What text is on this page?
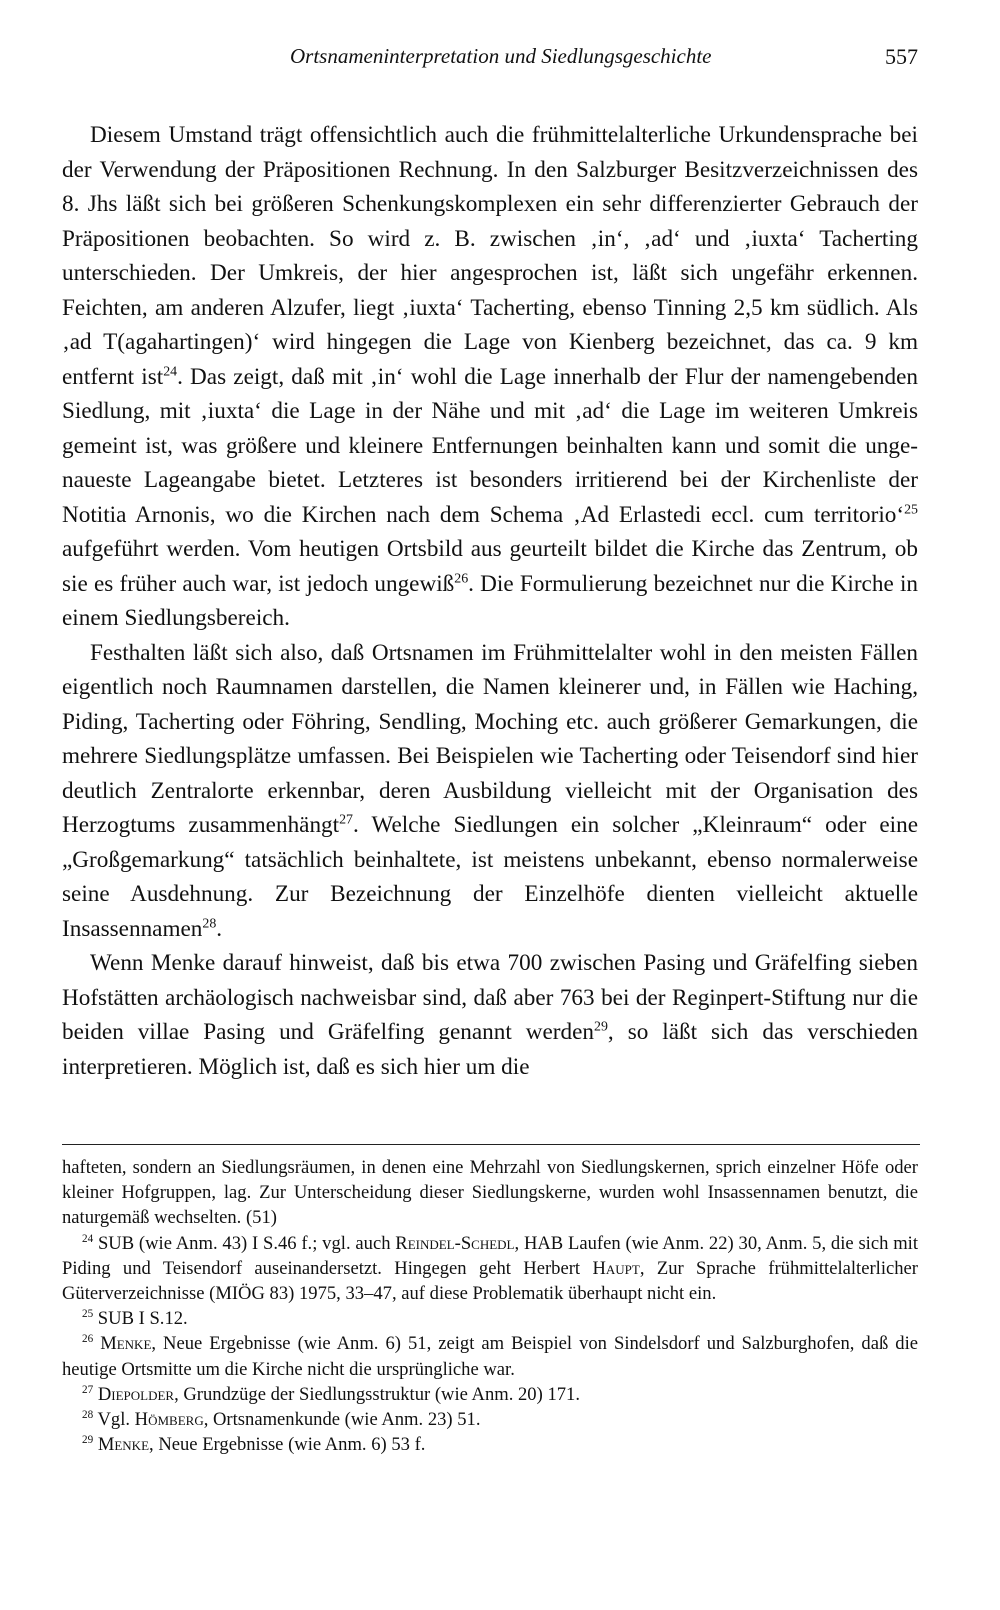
Ortsnameninterpretation und Siedlungsgeschichte	557

Diesem Umstand trägt offensichtlich auch die frühmittelalterliche Urkundensprache bei der Verwendung der Präpositionen Rechnung. In den Salzburger Besitzverzeichnissen des 8. Jhs läßt sich bei größeren Schenkungskomplexen ein sehr differenzierter Gebrauch der Präpositionen beobachten. So wird z. B. zwischen ‚in‘, ‚ad‘ und ‚iuxta‘ Tacherting unterschieden. Der Umkreis, der hier angesprochen ist, läßt sich ungefähr erkennen. Feichten, am anderen Alzufer, liegt ‚iuxta‘ Tacherting, ebenso Tinning 2,5 km südlich. Als ‚ad T(agahartingen)‘ wird hingegen die Lage von Kienberg bezeichnet, das ca. 9 km entfernt ist$^{24}$. Das zeigt, daß mit ‚in‘ wohl die Lage innerhalb der Flur der namengebenden Siedlung, mit ‚iuxta‘ die Lage in der Nähe und mit ‚ad‘ die Lage im weiteren Umkreis gemeint ist, was größere und kleinere Entfernungen beinhalten kann und somit die ungenaueste Lageangabe bietet. Letzteres ist besonders irritierend bei der Kirchenliste der Notitia Arnonis, wo die Kirchen nach dem Schema ‚Ad Erlastedi eccl. cum territorio‘$^{25}$ aufgeführt werden. Vom heutigen Ortsbild aus geurteilt bildet die Kirche das Zentrum, ob sie es früher auch war, ist jedoch ungewiß$^{26}$. Die Formulierung bezeichnet nur die Kirche in einem Siedlungsbereich.

Festhalten läßt sich also, daß Ortsnamen im Frühmittelalter wohl in den meisten Fällen eigentlich noch Raumnamen darstellen, die Namen kleinerer und, in Fällen wie Haching, Piding, Tacherting oder Föhring, Sendling, Moching etc. auch größerer Gemarkungen, die mehrere Siedlungsplätze umfassen. Bei Beispielen wie Tacherting oder Teisendorf sind hier deutlich Zentralorte erkennbar, deren Ausbildung vielleicht mit der Organisation des Herzogtums zusammenhängt$^{27}$. Welche Siedlungen ein solcher „Kleinraum“ oder eine „Großgemarkung“ tatsächlich beinhaltete, ist meistens unbekannt, ebenso normalerweise seine Ausdehnung. Zur Bezeichnung der Einzelhöfe dienten vielleicht aktuelle Insassennamen$^{28}$.

Wenn Menke darauf hinweist, daß bis etwa 700 zwischen Pasing und Gräfelfing sieben Hofstätten archäologisch nachweisbar sind, daß aber 763 bei der Reginpert-Stiftung nur die beiden villae Pasing und Gräfelfing genannt werden$^{29}$, so läßt sich das verschieden interpretieren. Möglich ist, daß es sich hier um die

hafteten, sondern an Siedlungsräumen, in denen eine Mehrzahl von Siedlungskernen, sprich einzelner Höfe oder kleiner Hofgruppen, lag. Zur Unterscheidung dieser Siedlungskerne, wurden wohl Insassennamen benutzt, die naturgemäß wechselten. (51)

$^{24}$ SUB (wie Anm. 43) I S.46 f.; vgl. auch Reindel-Schedl, HAB Laufen (wie Anm. 22) 30, Anm. 5, die sich mit Piding und Teisendorf auseinandersetzt. Hingegen geht Herbert Haupt, Zur Sprache frühmittelalterlicher Güterverzeichnisse (MIÖG 83) 1975, 33–47, auf diese Problematik überhaupt nicht ein.

$^{25}$ SUB I S.12.

$^{26}$ Menke, Neue Ergebnisse (wie Anm. 6) 51, zeigt am Beispiel von Sindelsdorf und Salzburghofen, daß die heutige Ortsmitte um die Kirche nicht die ursprüngliche war.

$^{27}$ Diepolder, Grundzüge der Siedlungsstruktur (wie Anm. 20) 171.

$^{28}$ Vgl. Hömberg, Ortsnamenkunde (wie Anm. 23) 51.

$^{29}$ Menke, Neue Ergebnisse (wie Anm. 6) 53 f.
